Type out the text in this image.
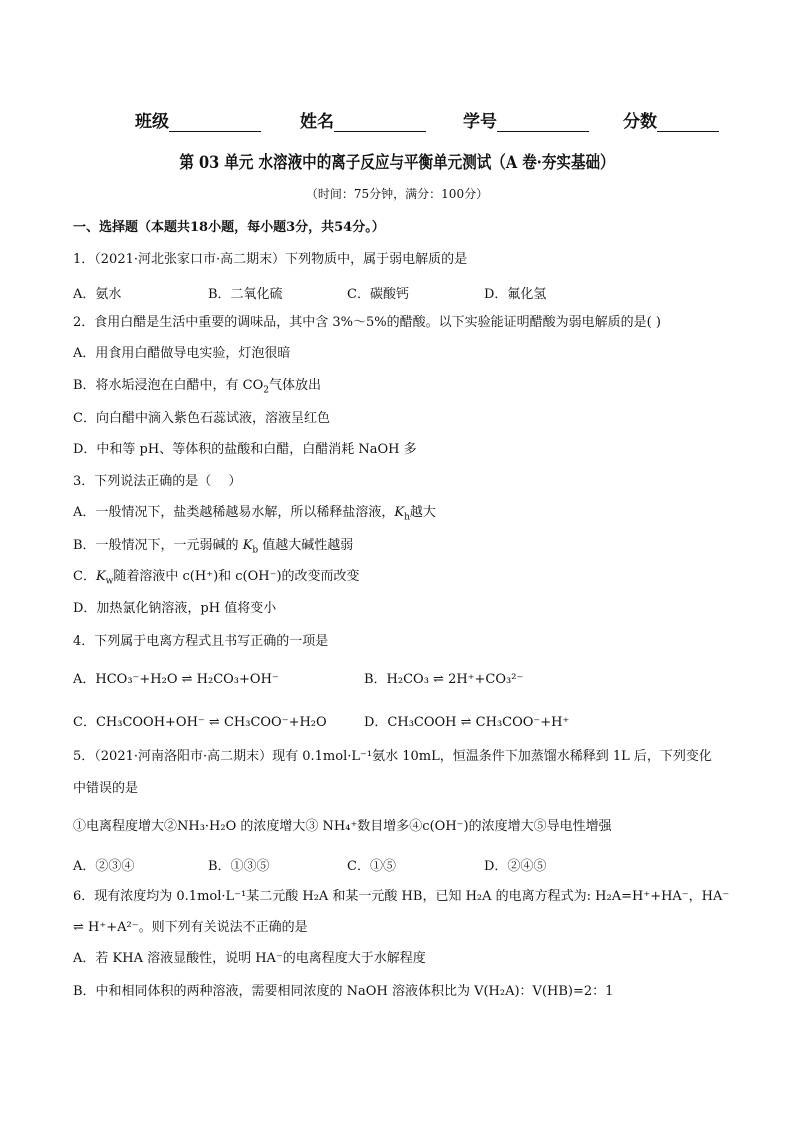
班级	姓名	学号	分数
第 03 单元 水溶液中的离子反应与平衡单元测试（A 卷·夯实基础）
（时间：75分钟，满分：100分）
一、选择题（本题共18小题，每小题3分，共54分。）
1．（2021·河北张家口市·高二期末）下列物质中，属于弱电解质的是
A．氨水	B．二氧化硫	C．碳酸钙	D．氟化氢
2．食用白醋是生活中重要的调味品，其中含 3%～5%的醋酸。以下实验能证明醋酸为弱电解质的是( )
A．用食用白醋做导电实验，灯泡很暗
B．将水垢浸泡在白醋中，有 $CO_2$气体放出
C．向白醋中滴入紫色石蕊试液，溶液呈红色
D．中和等 pH、等体积的盐酸和白醋，白醋消耗 NaOH 多
3．下列说法正确的是（　 ）
A．一般情况下，盐类越稀越易水解，所以稀释盐溶液，$K_h$越大
B．一般情况下，一元弱碱的 $K_b$ 值越大碱性越弱
C．$K_w$随着溶液中 c(H⁺)和 c(OH⁻)的改变而改变
D．加热氯化钠溶液，pH 值将变小
4．下列属于电离方程式且书写正确的一项是
A．HCO₃⁻+H₂O ⇌ H₂CO₃+OH⁻	B．H₂CO₃ ⇌ 2H⁺+CO₃²⁻
C．CH₃COOH+OH⁻ ⇌ CH₃COO⁻+H₂O	D．CH₃COOH ⇌ CH₃COO⁻+H⁺
5．（2021·河南洛阳市·高二期末）现有 0.1mol·L⁻¹氨水 10mL，恒温条件下加蒸馏水稀释到 1L 后，下列变化
中错误的是
①电离程度增大②NH₃·H₂O 的浓度增大③ NH₄⁺数目增多④c(OH⁻)的浓度增大⑤导电性增强
A．②③④	B．①③⑤	C．①⑤	D．②④⑤
6．现有浓度均为 0.1mol·L⁻¹某二元酸 H₂A 和某一元酸 HB，已知 H₂A 的电离方程式为: H₂A=H⁺+HA⁻，HA⁻
⇌ H⁺+A²⁻。则下列有关说法不正确的是
A．若 KHA 溶液显酸性，说明 HA⁻的电离程度大于水解程度
B．中和相同体积的两种溶液，需要相同浓度的 NaOH 溶液体积比为 V(H₂A)：V(HB)=2：1
